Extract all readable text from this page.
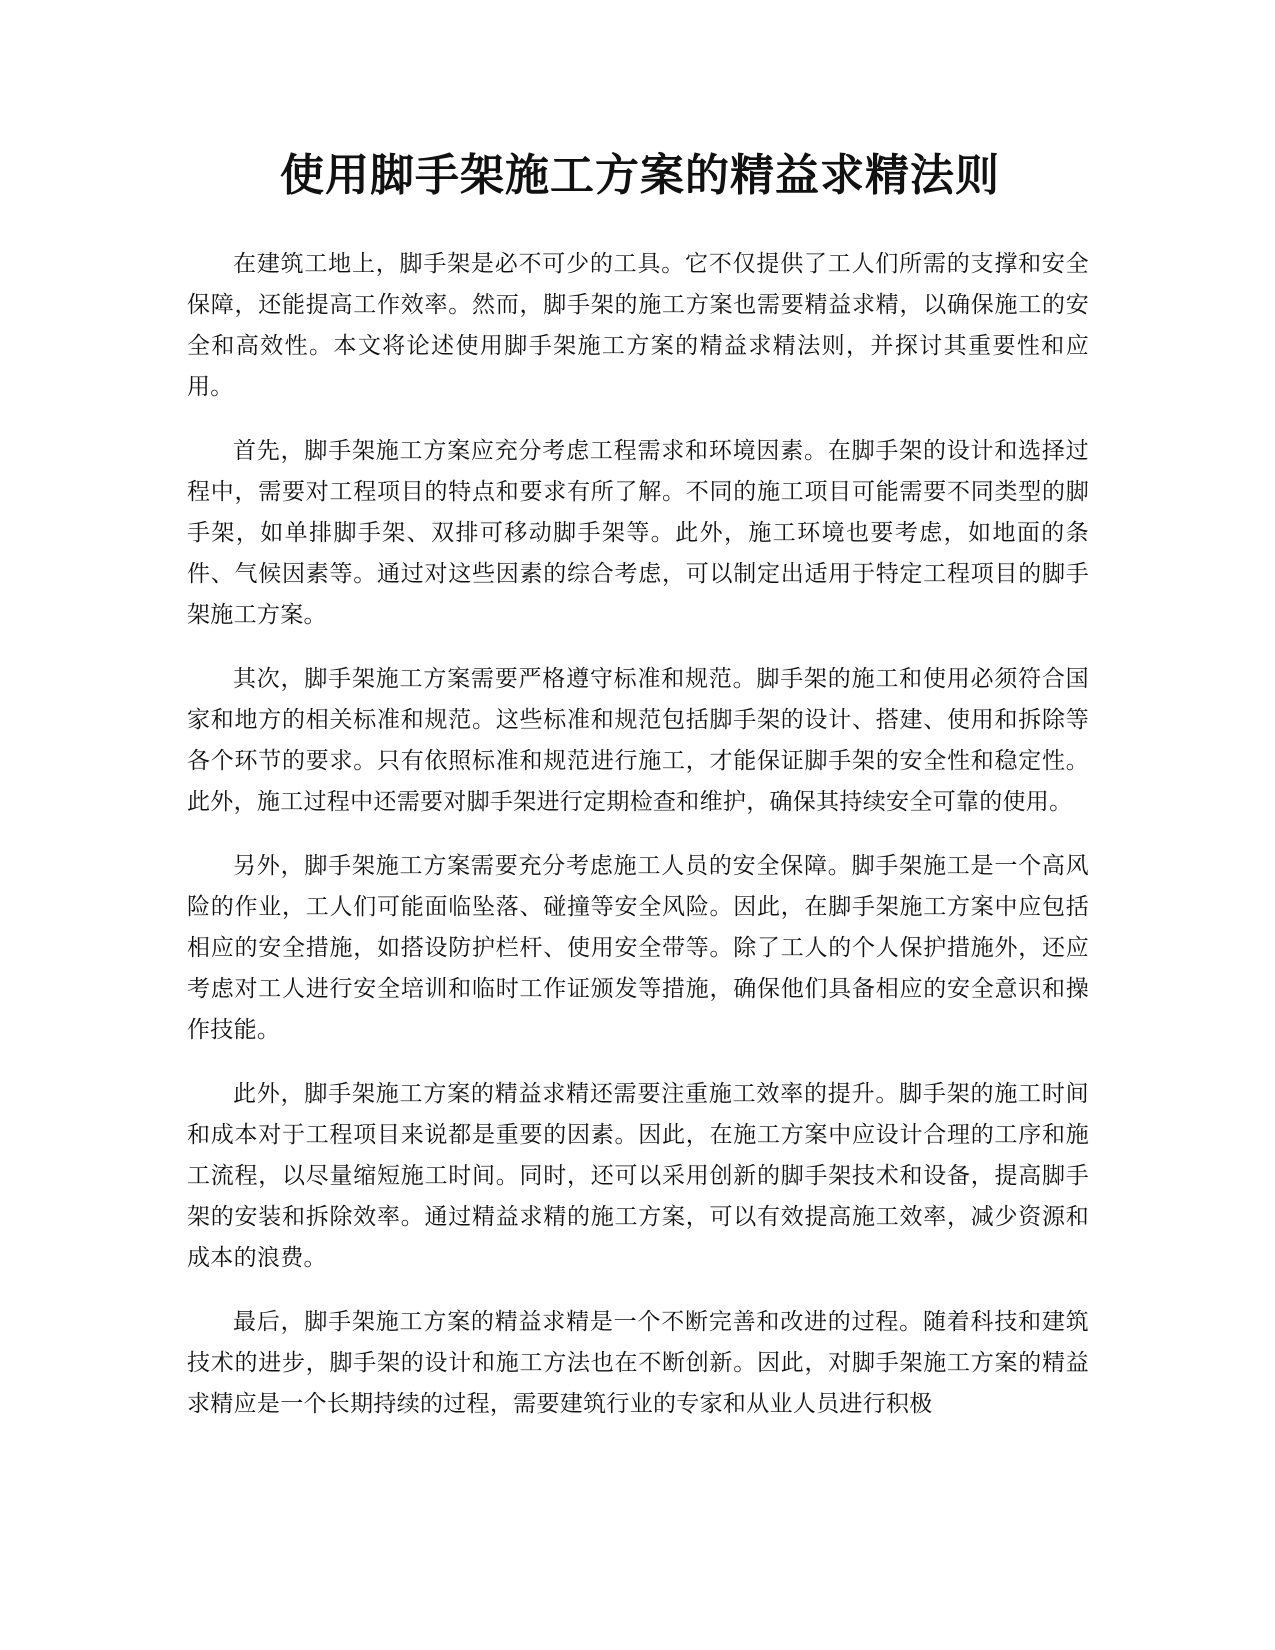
使用脚手架施工方案的精益求精法则

在建筑工地上，脚手架是必不可少的工具。它不仅提供了工人们所需的支撑和安全保障，还能提高工作效率。然而，脚手架的施工方案也需要精益求精，以确保施工的安全和高效性。本文将论述使用脚手架施工方案的精益求精法则，并探讨其重要性和应用。

首先，脚手架施工方案应充分考虑工程需求和环境因素。在脚手架的设计和选择过程中，需要对工程项目的特点和要求有所了解。不同的施工项目可能需要不同类型的脚手架，如单排脚手架、双排可移动脚手架等。此外，施工环境也要考虑，如地面的条件、气候因素等。通过对这些因素的综合考虑，可以制定出适用于特定工程项目的脚手架施工方案。

其次，脚手架施工方案需要严格遵守标准和规范。脚手架的施工和使用必须符合国家和地方的相关标准和规范。这些标准和规范包括脚手架的设计、搭建、使用和拆除等各个环节的要求。只有依照标准和规范进行施工，才能保证脚手架的安全性和稳定性。此外，施工过程中还需要对脚手架进行定期检查和维护，确保其持续安全可靠的使用。

另外，脚手架施工方案需要充分考虑施工人员的安全保障。脚手架施工是一个高风险的作业，工人们可能面临坠落、碰撞等安全风险。因此，在脚手架施工方案中应包括相应的安全措施，如搭设防护栏杆、使用安全带等。除了工人的个人保护措施外，还应考虑对工人进行安全培训和临时工作证颁发等措施，确保他们具备相应的安全意识和操作技能。

此外，脚手架施工方案的精益求精还需要注重施工效率的提升。脚手架的施工时间和成本对于工程项目来说都是重要的因素。因此，在施工方案中应设计合理的工序和施工流程，以尽量缩短施工时间。同时，还可以采用创新的脚手架技术和设备，提高脚手架的安装和拆除效率。通过精益求精的施工方案，可以有效提高施工效率，减少资源和成本的浪费。

最后，脚手架施工方案的精益求精是一个不断完善和改进的过程。随着科技和建筑技术的进步，脚手架的设计和施工方法也在不断创新。因此，对脚手架施工方案的精益求精应是一个长期持续的过程，需要建筑行业的专家和从业人员进行积极
